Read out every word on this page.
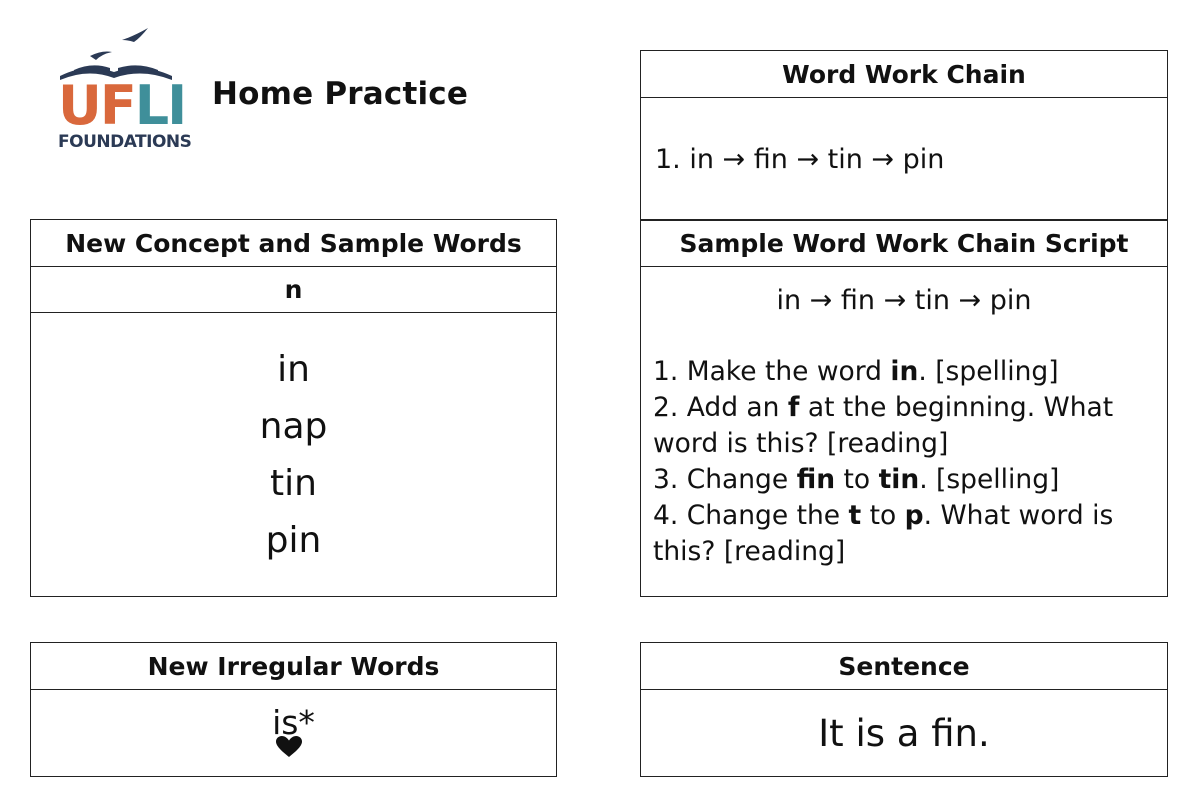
UFLI
FOUNDATIONS
Home Practice
New Concept and Sample Words
n
in
nap
tin
pin
Word Work Chain
1. in → fin → tin → pin
Sample Word Work Chain Script
in → fin → tin → pin

1. Make the word in. [spelling]

2. Add an f at the beginning. What word is this? [reading]

3. Change fin to tin. [spelling]

4. Change the t to p. What word is this? [reading]

New Irregular Words
is*
Sentence
It is a fin.
